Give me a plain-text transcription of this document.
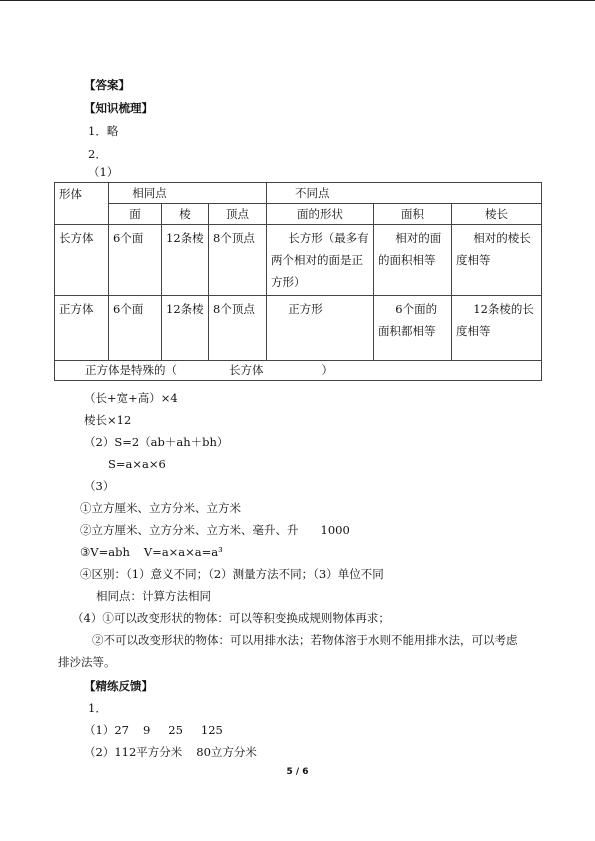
【答案】
【知识梳理】
1．略
2．
（1）
形体	相同点			不同点		
	面	棱	顶点	面的形状	面积	棱长
长方体	6个面	12条棱	8个顶点	长方形（最多有两个相对的面是正方形）	相对的面的面积相等	相对的棱长度相等
正方体	6个面	12条棱	8个顶点	正方形	6个面的面积都相等	12条棱的长度相等
正方体是特殊的（ 长方体 ）						
（长+宽+高）×4
棱长×12
（2）S=2（ab＋ah＋bh）
S=a×a×6
（3）
①立方厘米、立方分米、立方米
②立方厘米、立方分米、立方米、毫升、升 1000
③V=abh V=a×a×a=a³
④区别：（1）意义不同；（2）测量方法不同；（3）单位不同
相同点：计算方法相同
（4）①可以改变形状的物体：可以等积变换成规则物体再求；
②不可以改变形状的物体：可以用排水法；若物体溶于水则不能用排水法，可以考虑
排沙法等。
【精练反馈】
1．
（1）27 9 25 125
（2）112平方分米 80立方分米
5 / 6
